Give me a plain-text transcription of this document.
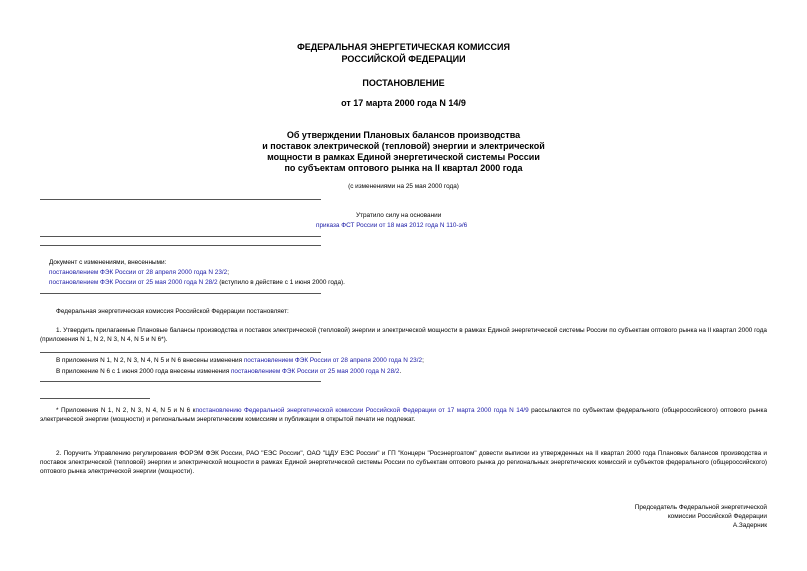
ФЕДЕРАЛЬНАЯ ЭНЕРГЕТИЧЕСКАЯ КОМИССИЯ
РОССИЙСКОЙ ФЕДЕРАЦИИ
ПОСТАНОВЛЕНИЕ
от 17 марта 2000 года N 14/9
Об утверждении Плановых балансов производства
и поставок электрической (тепловой) энергии и электрической
мощности в рамках Единой энергетической системы России
по субъектам оптового рынка на II квартал 2000 года
(с изменениями на 25 мая 2000 года)
Утратило силу на основании
приказа ФСТ России от 18 мая 2012 года N 110-э/6
Документ с изменениями, внесенными:
постановлением ФЭК России от 28 апреля 2000 года N 23/2;
постановлением ФЭК России от 25 мая 2000 года N 28/2 (вступило в действие с 1 июня 2000 года).
Федеральная энергетическая комиссия Российской Федерации постановляет:
1. Утвердить прилагаемые Плановые балансы производства и поставок электрической (тепловой) энергии и электрической мощности в рамках Единой энергетической системы России по субъектам оптового рынка на II квартал 2000 года (приложения N 1, N 2, N 3, N 4, N 5 и N 6*).
В приложения N 1, N 2, N 3, N 4, N 5 и N 6 внесены изменения постановлением ФЭК России от 28 апреля 2000 года N 23/2;
В приложение N 6 с 1 июня 2000 года внесены изменения постановлением ФЭК России от 25 мая 2000 года N 28/2.
* Приложения N 1, N 2, N 3, N 4, N 5 и N 6 кпостановлению Федеральной энергетической комиссии Российской Федерации от 17 марта 2000 года N 14/9 рассылаются по субъектам федерального (общероссийского) оптового рынка электрической энергии (мощности) и региональным энергетическим комиссиям и публикации в открытой печати не подлежат.
2. Поручить Управлению регулирования ФОРЭМ ФЭК России, РАО "ЕЭС России", ОАО "ЦДУ ЕЭС России" и ГП "Концерн "Росэнергоатом" довести выписки из утвержденных на II квартал 2000 года Плановых балансов производства и поставок электрической (тепловой) энергии и электрической мощности в рамках Единой энергетической системы России по субъектам оптового рынка до региональных энергетических комиссий и субъектов федерального (общероссийского) оптового рынка электрической энергии (мощности).
Председатель Федеральной энергетической
комиссии Российской Федерации
А.Задерник
